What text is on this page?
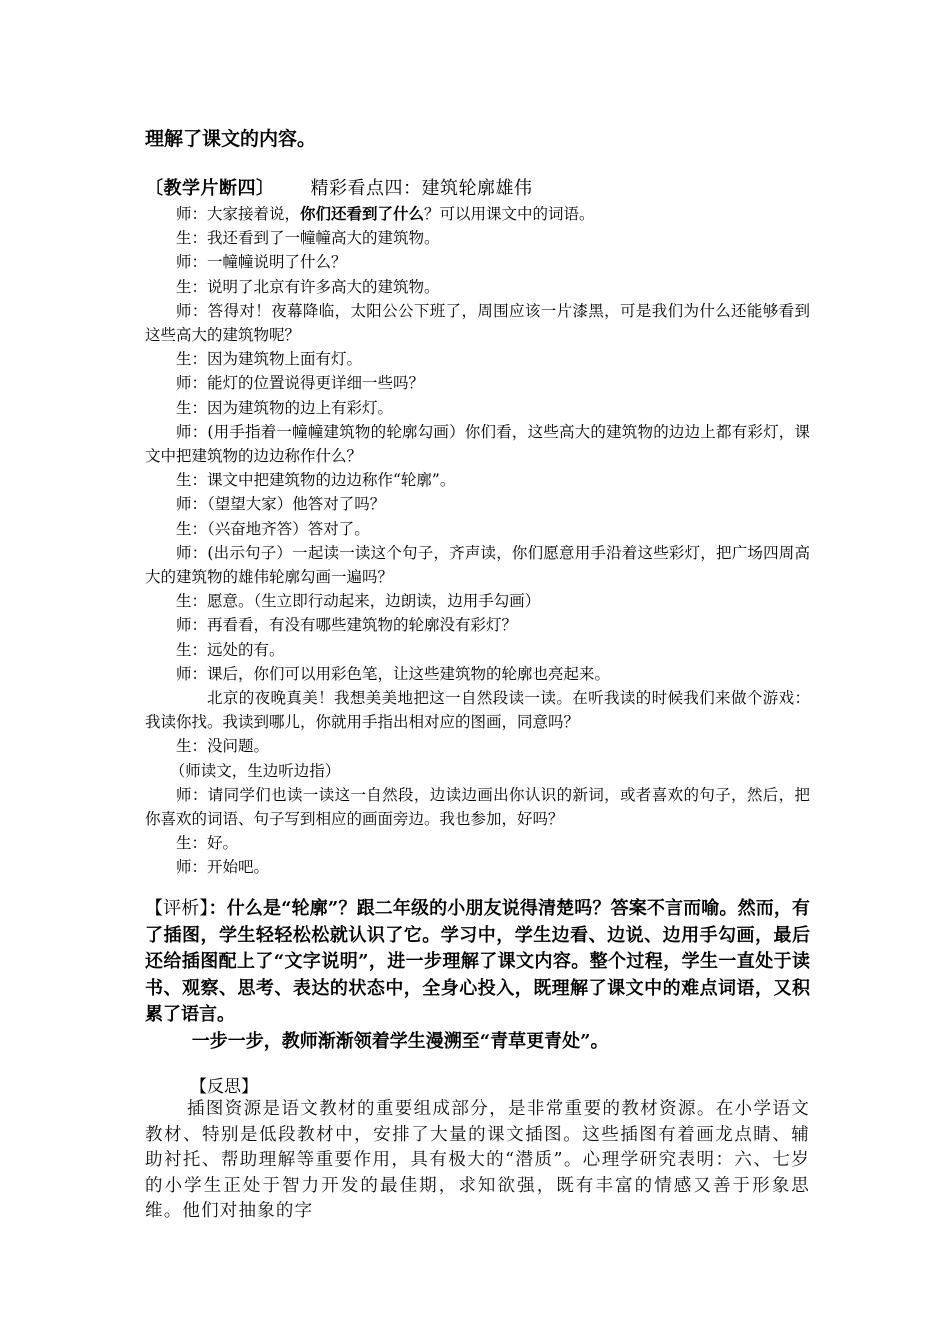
理解了课文的内容。
〔教学片断四〕 精彩看点四：建筑轮廓雄伟

师：大家接着说，你们还看到了什么？可以用课文中的词语。

生：我还看到了一幢幢高大的建筑物。

师：一幢幢说明了什么？

生：说明了北京有许多高大的建筑物。

师：答得对！夜幕降临，太阳公公下班了，周围应该一片漆黑，可是我们为什么还能够看到这些高大的建筑物呢？

生：因为建筑物上面有灯。

师：能灯的位置说得更详细一些吗？

生：因为建筑物的边上有彩灯。

师：(用手指着一幢幢建筑物的轮廓勾画）你们看，这些高大的建筑物的边边上都有彩灯，课文中把建筑物的边边称作什么？

生：课文中把建筑物的边边称作“轮廓”。

师：（望望大家）他答对了吗？

生：（兴奋地齐答）答对了。

师：(出示句子）一起读一读这个句子，齐声读，你们愿意用手沿着这些彩灯，把广场四周高大的建筑物的雄伟轮廓勾画一遍吗？

生：愿意。（生立即行动起来，边朗读，边用手勾画）

师：再看看，有没有哪些建筑物的轮廓没有彩灯？

生：远处的有。

师：课后，你们可以用彩色笔，让这些建筑物的轮廓也亮起来。

北京的夜晚真美！我想美美地把这一自然段读一读。在听我读的时候我们来做个游戏：我读你找。我读到哪儿，你就用手指出相对应的图画，同意吗？

生：没问题。

（师读文，生边听边指）

师：请同学们也读一读这一自然段，边读边画出你认识的新词，或者喜欢的句子，然后，把你喜欢的词语、句子写到相应的画面旁边。我也参加，好吗？

生：好。

师：开始吧。

【评析】：什么是“轮廓”？跟二年级的小朋友说得清楚吗？答案不言而喻。然而，有了插图，学生轻轻松松就认识了它。学习中，学生边看、边说、边用手勾画，最后还给插图配上了“文字说明”，进一步理解了课文内容。整个过程，学生一直处于读书、观察、思考、表达的状态中，全身心投入，既理解了课文中的难点词语，又积累了语言。

一步一步，教师渐渐领着学生漫溯至“青草更青处”。

【反思】

插图资源是语文教材的重要组成部分，是非常重要的教材资源。在小学语文教材、特别是低段教材中，安排了大量的课文插图。这些插图有着画龙点睛、辅助衬托、帮助理解等重要作用，具有极大的“潜质”。心理学研究表明：六、七岁的小学生正处于智力开发的最佳期，求知欲强，既有丰富的情感又善于形象思维。他们对抽象的字
